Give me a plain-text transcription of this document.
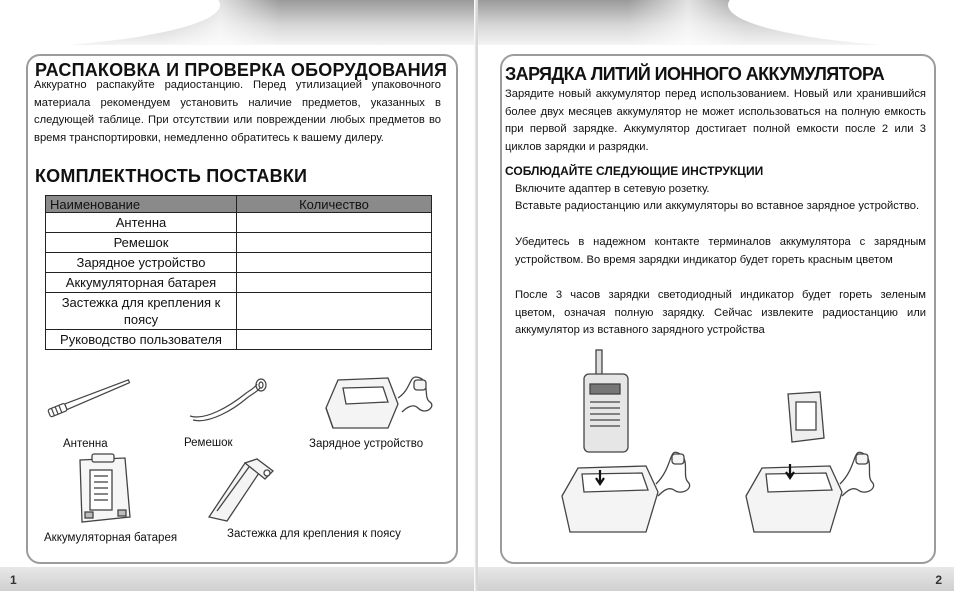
РАСПАКОВКА И ПРОВЕРКА ОБОРУДОВАНИЯ
Аккуратно распакуйте радиостанцию. Перед утилизацией упаковочного материала рекомендуем установить наличие предметов, указанных в следующей таблице. При отсутствии или повреждении любых предметов во время транспортировки, немедленно обратитесь к вашему дилеру.
КОМПЛЕКТНОСТЬ ПОСТАВКИ
Наименование	Количество
Антенна	
Ремешок	
Зарядное устройство	
Аккумуляторная батарея	
Застежка для крепления к поясу	
Руководство пользователя	
Антенна	Ремешок	Зарядное устройство
Аккумуляторная батарея	Застежка для крепления к поясу
1
ЗАРЯДКА ЛИТИЙ ИОННОГО АККУМУЛЯТОРА
Зарядите новый аккумулятор перед использованием. Новый или хранившийся более двух месяцев аккумулятор не может использоваться на полную емкость при первой зарядке. Аккумулятор достигает полной емкости после 2 или 3 циклов зарядки и разрядки.
СОБЛЮДАЙТЕ СЛЕДУЮЩИЕ ИНСТРУКЦИИ
Включите адаптер в сетевую розетку.
Вставьте радиостанцию или аккумуляторы во вставное зарядное устройство.
Убедитесь в надежном контакте терминалов аккумулятора с зарядным устройством. Во время зарядки индикатор будет гореть красным цветом
После 3 часов зарядки светодиодный индикатор будет гореть зеленым цветом, означая полную зарядку. Сейчас извлеките радиостанцию или аккумулятор из вставного зарядного устройства
2
